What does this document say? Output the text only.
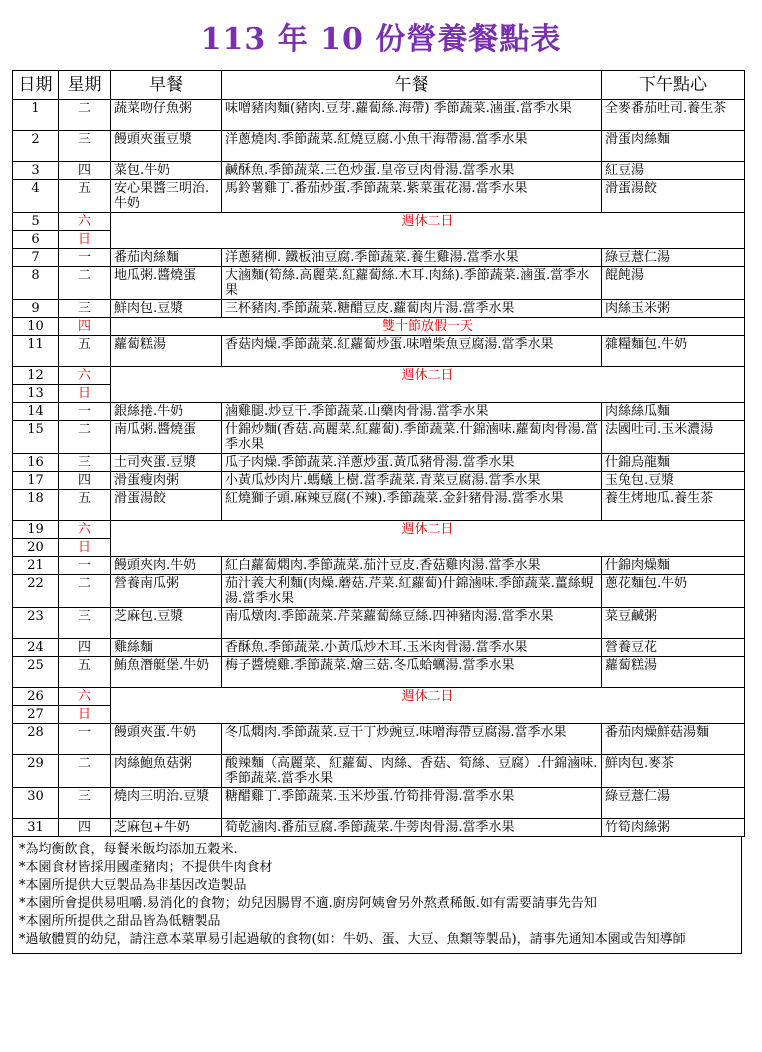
113 年 10 份營養餐點表
日期	星期	早餐	午餐	下午點心
1	二	蔬菜吻仔魚粥	味噌豬肉麵(豬肉.豆芽.蘿蔔絲.海帶) 季節蔬菜.滷蛋.當季水果	全麥番茄吐司.養生茶
2	三	饅頭夾蛋豆漿	洋蔥燒肉.季節蔬菜.紅燒豆腐.小魚干海帶湯.當季水果	滑蛋肉絲麵
3	四	菜包.牛奶	鹹酥魚.季節蔬菜.三色炒蛋.皇帝豆肉骨湯.當季水果	紅豆湯
4	五	安心果醬三明治.牛奶	馬鈴薯雞丁.番茄炒蛋.季節蔬菜.紫菜蛋花湯.當季水果	滑蛋湯餃
5	六	週休二日		
6	日			
7	一	番茄肉絲麵	洋蔥豬柳. 鐵板油豆腐.季節蔬菜.養生雞湯.當季水果	綠豆薏仁湯
8	二	地瓜粥.醬燒蛋	大滷麵(筍絲.高麗菜.紅蘿蔔絲.木耳.肉絲).季節蔬菜.滷蛋.當季水果	餛飩湯
9	三	鮮肉包.豆漿	三杯豬肉.季節蔬菜.糖醋豆皮.蘿蔔肉片湯.當季水果	肉絲玉米粥
10	四	雙十節放假一天		
11	五	蘿蔔糕湯	香菇肉燥.季節蔬菜.紅蘿蔔炒蛋.味噌柴魚豆腐湯.當季水果	雜糧麵包.牛奶
12	六	週休二日		
13	日			
14	一	銀絲捲.牛奶	滷雞腿.炒豆干.季節蔬菜.山藥肉骨湯.當季水果	肉絲絲瓜麵
15	二	南瓜粥.醬燒蛋	什錦炒麵(香菇.高麗菜.紅蘿蔔).季節蔬菜.什錦滷味.蘿蔔肉骨湯.當季水果	法國吐司.玉米濃湯
16	三	土司夾蛋.豆漿	瓜子肉燥.季節蔬菜.洋蔥炒蛋.黃瓜豬骨湯.當季水果	什錦烏龍麵
17	四	滑蛋瘦肉粥	小黃瓜炒肉片.螞蟻上樹.當季蔬菜.青菜豆腐湯.當季水果	玉兔包.豆漿
18	五	滑蛋湯餃	紅燒獅子頭.麻辣豆腐(不辣).季節蔬菜.金針豬骨湯.當季水果	養生烤地瓜.養生茶
19	六	週休二日		
20	日			
21	一	饅頭夾肉.牛奶	紅白蘿蔔燜肉.季節蔬菜.茄汁豆皮.香菇雞肉湯.當季水果	什錦肉燥麵
22	二	營養南瓜粥	茄汁義大利麵(肉燥.蘑菇.芹菜.紅蘿蔔)什錦滷味.季節蔬菜.薑絲蜆湯.當季水果	蔥花麵包.牛奶
23	三	芝麻包.豆漿	南瓜燉肉.季節蔬菜.芹菜蘿蔔絲豆絲.四神豬肉湯.當季水果	菜豆鹹粥
24	四	雞絲麵	香酥魚.季節蔬菜.小黃瓜炒木耳.玉米肉骨湯.當季水果	營養豆花
25	五	鮪魚潛艇堡.牛奶	梅子醬燒雞.季節蔬菜.燴三菇.冬瓜蛤蠣湯.當季水果	蘿蔔糕湯
26	六	週休二日		
27	日			
28	一	饅頭夾蛋.牛奶	冬瓜燜肉.季節蔬菜.豆干丁炒豌豆.味噌海帶豆腐湯.當季水果	番茄肉燥鮮菇湯麵
29	二	肉絲鮑魚菇粥	酸辣麵（高麗菜、紅蘿蔔、肉絲、香菇、筍絲、豆腐）.什錦滷味.季節蔬菜.當季水果	鮮肉包.麥茶
30	三	燒肉三明治.豆漿	糖醋雞丁.季節蔬菜.玉米炒蛋.竹筍排骨湯.當季水果	綠豆薏仁湯
31	四	芝麻包+牛奶	筍乾滷肉.番茄豆腐.季節蔬菜.牛蒡肉骨湯.當季水果	竹筍肉絲粥
*為均衡飲食，每餐米飯均添加五穀米.
*本園食材皆採用國產豬肉；不提供牛肉食材
*本園所提供大豆製品為非基因改造製品
*本園所會提供易咀嚼.易消化的食物；幼兒因腸胃不適.廚房阿姨會另外熬煮稀飯.如有需要請事先告知
*本園所所提供之甜品皆為低糖製品
*過敏體質的幼兒，請注意本菜單易引起過敏的食物(如：牛奶、蛋、大豆、魚類等製品)，請事先通知本園或告知導師
